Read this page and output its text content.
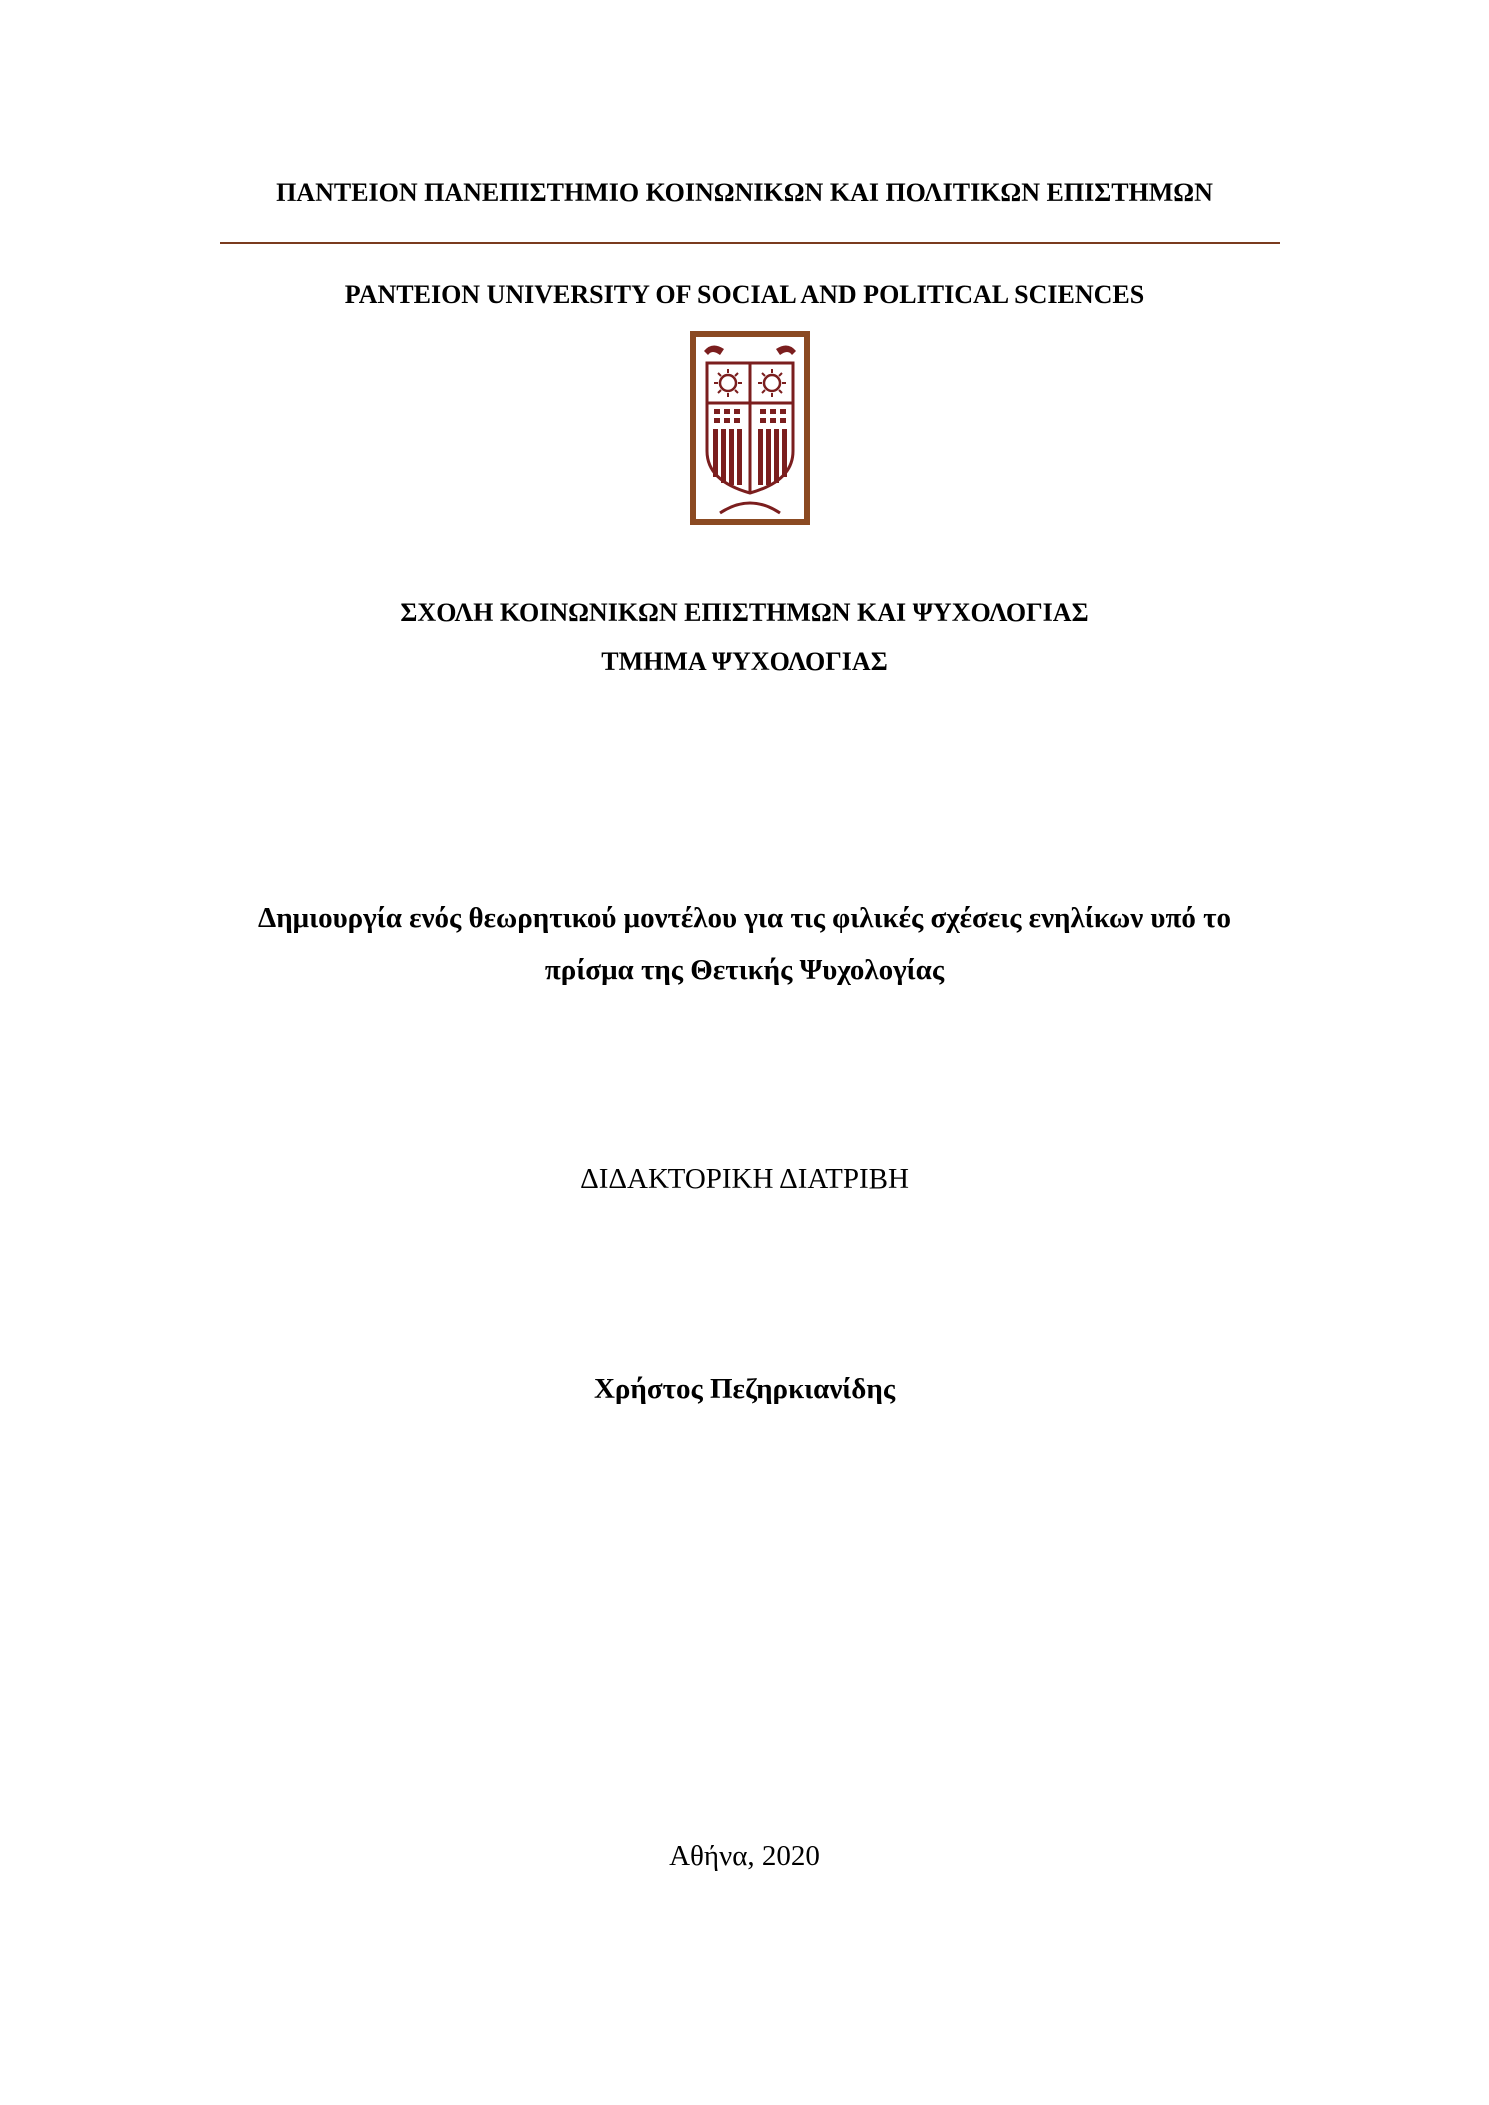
ΠΑΝΤΕΙΟΝ ΠΑΝΕΠΙΣΤΗΜΙΟ ΚΟΙΝΩΝΙΚΩΝ ΚΑΙ ΠΟΛΙΤΙΚΩΝ ΕΠΙΣΤΗΜΩΝ
PANTEION UNIVERSITY OF SOCIAL AND POLITICAL SCIENCES
ΣΧΟΛΗ ΚΟΙΝΩΝΙΚΩΝ ΕΠΙΣΤΗΜΩΝ ΚΑΙ ΨΥΧΟΛΟΓΙΑΣ
ΤΜΗΜΑ ΨΥΧΟΛΟΓΙΑΣ
Δημιουργία ενός θεωρητικού μοντέλου για τις φιλικές σχέσεις ενηλίκων υπό το
πρίσμα της Θετικής Ψυχολογίας
ΔΙΔΑΚΤΟΡΙΚΗ ΔΙΑΤΡΙΒΗ
Χρήστος Πεζηρκιανίδης
Αθήνα, 2020
